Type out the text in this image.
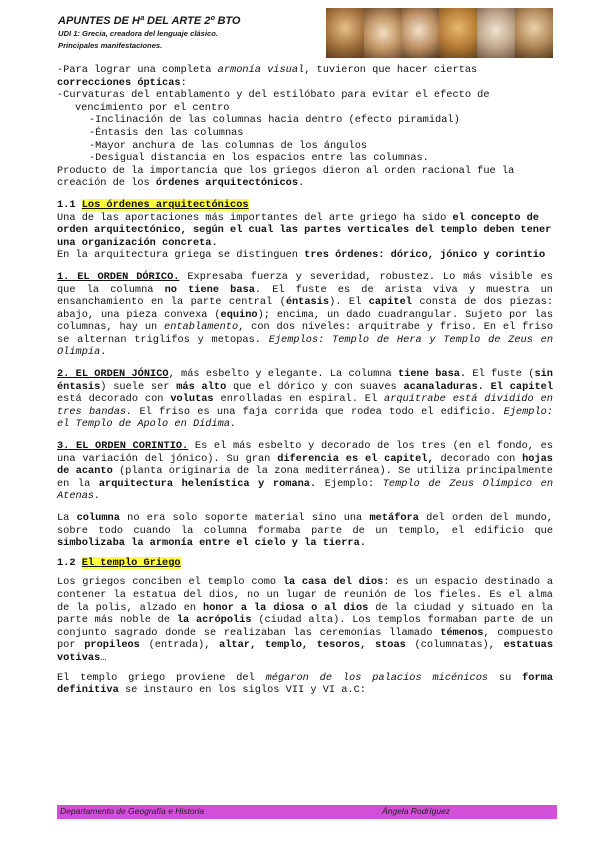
APUNTES DE Hª DEL ARTE 2º BTO
UDI 1: Grecia, creadora del lenguaje clásico.
Principales manifestaciones.

-Para lograr una completa armonía visual, tuvieron que hacer ciertas

correcciones ópticas:

-Curvaturas del entablamento y del estilóbato para evitar el efecto de vencimiento por el centro

-Inclinación de las columnas hacia dentro (efecto piramidal)

-Éntasis den las columnas

-Mayor anchura de las columnas de los ángulos

-Desigual distancia en los espacios entre las columnas.

Producto de la importancia que los griegos dieron al orden racional fue la creación de los órdenes arquitectónicos.

1.1 Los órdenes arquitectónicos

Una de las aportaciones más importantes del arte griego ha sido el concepto de orden arquitectónico, según el cual las partes verticales del templo deben tener una organización concreta.

En la arquitectura griega se distinguen tres órdenes: dórico, jónico y corintio

1. EL ORDEN DÓRICO. Expresaba fuerza y severidad, robustez. Lo más visible es que la columna no tiene basa. El fuste es de arista viva y muestra un ensanchamiento en la parte central (éntasis). El capitel consta de dos piezas: abajo, una pieza convexa (equino); encima, un dado cuadrangular. Sujeto por las columnas, hay un entablamento, con dos niveles: arquitrabe y friso. En el friso se alternan triglifos y metopas. Ejemplos: Templo de Hera y Templo de Zeus en Olimpia.

2. EL ORDEN JÓNICO, más esbelto y elegante. La columna tiene basa. El fuste (sin éntasis) suele ser más alto que el dórico y con suaves acanaladuras. El capitel está decorado con volutas enrolladas en espiral. El arquitrabe está dividido en tres bandas. El friso es una faja corrida que rodea todo el edificio. Ejemplo: el Templo de Apolo en Dídima.

3. EL ORDEN CORINTIO. Es el más esbelto y decorado de los tres (en el fondo, es una variación del jónico). Su gran diferencia es el capitel, decorado con hojas de acanto (planta originaria de la zona mediterránea). Se utiliza principalmente en la arquitectura helenística y romana. Ejemplo: Templo de Zeus Olímpico en Atenas.

La columna no era solo soporte material sino una metáfora del orden del mundo, sobre todo cuando la columna formaba parte de un templo, el edificio que simbolizaba la armonía entre el cielo y la tierra.

1.2 El templo Griego

Los griegos conciben el templo como la casa del dios: es un espacio destinado a contener la estatua del dios, no un lugar de reunión de los fieles. Es el alma de la polis, alzado en honor a la diosa o al dios de la ciudad y situado en la parte más noble de la acrópolis (ciudad alta). Los templos formaban parte de un conjunto sagrado donde se realizaban las ceremonias llamado témenos, compuesto por propileos (entrada), altar, templo, tesoros, stoas (columnatas), estatuas votivas…

El templo griego proviene del mégaron de los palacios micénicos su forma definitiva se instauro en los siglos VII y VI a.C:

Departamento de Geografía e Historia	Ángela Rodríguez
